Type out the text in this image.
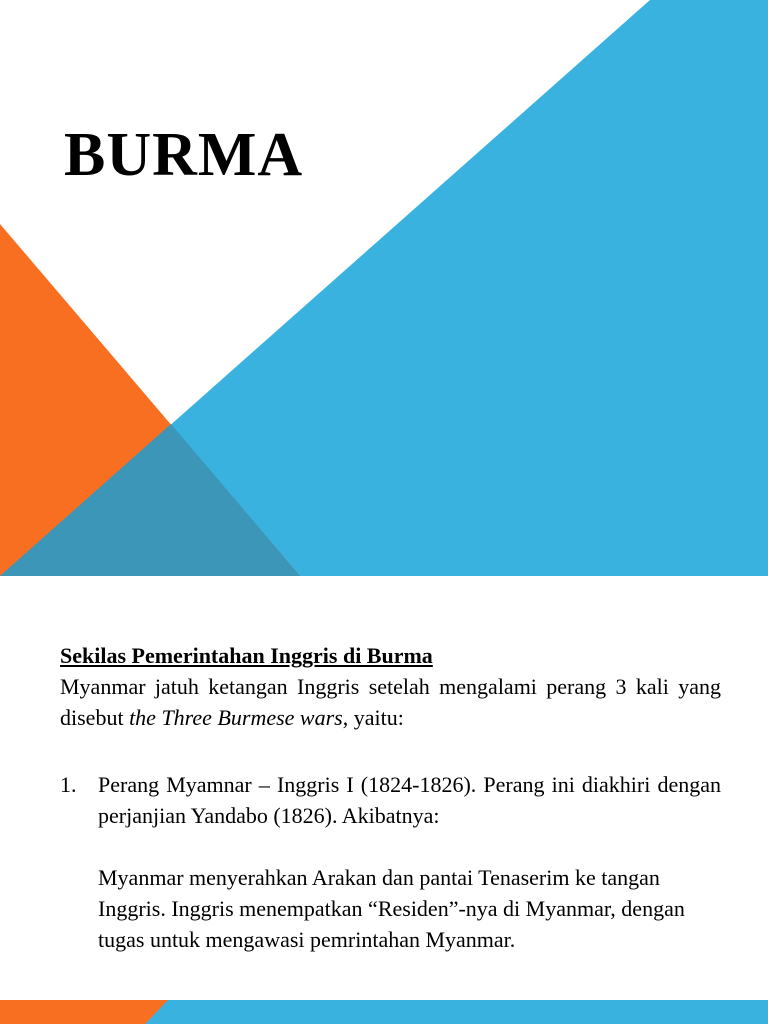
BURMA

Sekilas Pemerintahan Inggris di Burma

Myanmar jatuh ketangan Inggris setelah mengalami perang 3 kali yang disebut the Three Burmese wars, yaitu:

1. Perang Myamnar – Inggris I (1824-1826). Perang ini diakhiri dengan perjanjian Yandabo (1826). Akibatnya:

Myanmar menyerahkan Arakan dan pantai Tenaserim ke tangan Inggris. Inggris menempatkan “Residen”-nya di Myanmar, dengan tugas untuk mengawasi pemrintahan Myanmar.
